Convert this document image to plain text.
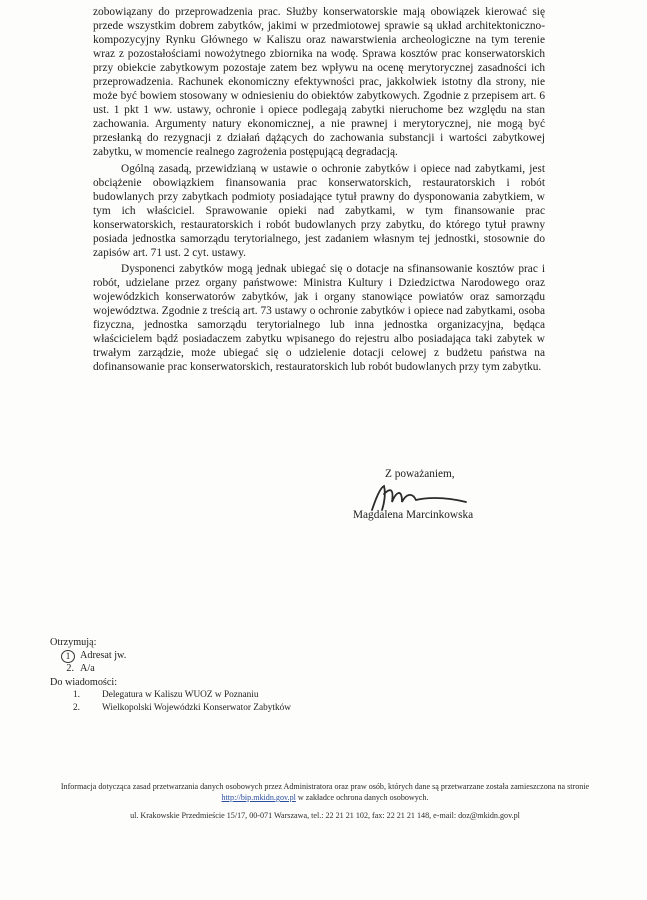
zobowiązany do przeprowadzenia prac. Służby konserwatorskie mają obowiązek kierować się przede wszystkim dobrem zabytków, jakimi w przedmiotowej sprawie są układ architektoniczno-kompozycyjny Rynku Głównego w Kaliszu oraz nawarstwienia archeologiczne na tym terenie wraz z pozostałościami nowożytnego zbiornika na wodę. Sprawa kosztów prac konserwatorskich przy obiekcie zabytkowym pozostaje zatem bez wpływu na ocenę merytorycznej zasadności ich przeprowadzenia. Rachunek ekonomiczny efektywności prac, jakkolwiek istotny dla strony, nie może być bowiem stosowany w odniesieniu do obiektów zabytkowych. Zgodnie z przepisem art. 6 ust. 1 pkt 1 ww. ustawy, ochronie i opiece podlegają zabytki nieruchome bez względu na stan zachowania. Argumenty natury ekonomicznej, a nie prawnej i merytorycznej, nie mogą być przesłanką do rezygnacji z działań dążących do zachowania substancji i wartości zabytkowej zabytku, w momencie realnego zagrożenia postępującą degradacją.

Ogólną zasadą, przewidzianą w ustawie o ochronie zabytków i opiece nad zabytkami, jest obciążenie obowiązkiem finansowania prac konserwatorskich, restauratorskich i robót budowlanych przy zabytkach podmioty posiadające tytuł prawny do dysponowania zabytkiem, w tym ich właściciel. Sprawowanie opieki nad zabytkami, w tym finansowanie prac konserwatorskich, restauratorskich i robót budowlanych przy zabytku, do którego tytuł prawny posiada jednostka samorządu terytorialnego, jest zadaniem własnym tej jednostki, stosownie do zapisów art. 71 ust. 2 cyt. ustawy.

Dysponenci zabytków mogą jednak ubiegać się o dotacje na sfinansowanie kosztów prac i robót, udzielane przez organy państwowe: Ministra Kultury i Dziedzictwa Narodowego oraz wojewódzkich konserwatorów zabytków, jak i organy stanowiące powiatów oraz samorządu województwa. Zgodnie z treścią art. 73 ustawy o ochronie zabytków i opiece nad zabytkami, osoba fizyczna, jednostka samorządu terytorialnego lub inna jednostka organizacyjna, będąca właścicielem bądź posiadaczem zabytku wpisanego do rejestru albo posiadająca taki zabytek w trwałym zarządzie, może ubiegać się o udzielenie dotacji celowej z budżetu państwa na dofinansowanie prac konserwatorskich, restauratorskich lub robót budowlanych przy tym zabytku.

Z poważaniem,
Magdalena Marcinkowska

Otrzymują:

1 Adresat jw.
2. A/a

Do wiadomości:

1. Delegatura w Kaliszu WUOZ w Poznaniu
2. Wielkopolski Wojewódzki Konserwator Zabytków
Informacja dotycząca zasad przetwarzania danych osobowych przez Administratora oraz praw osób, których dane są przetwarzane została zamieszczona na stronie http://bip.mkidn.gov.pl w zakładce ochrona danych osobowych.
ul. Krakowskie Przedmieście 15/17, 00-071 Warszawa, tel.: 22 21 21 102, fax: 22 21 21 148, e-mail: doz@mkidn.gov.pl
